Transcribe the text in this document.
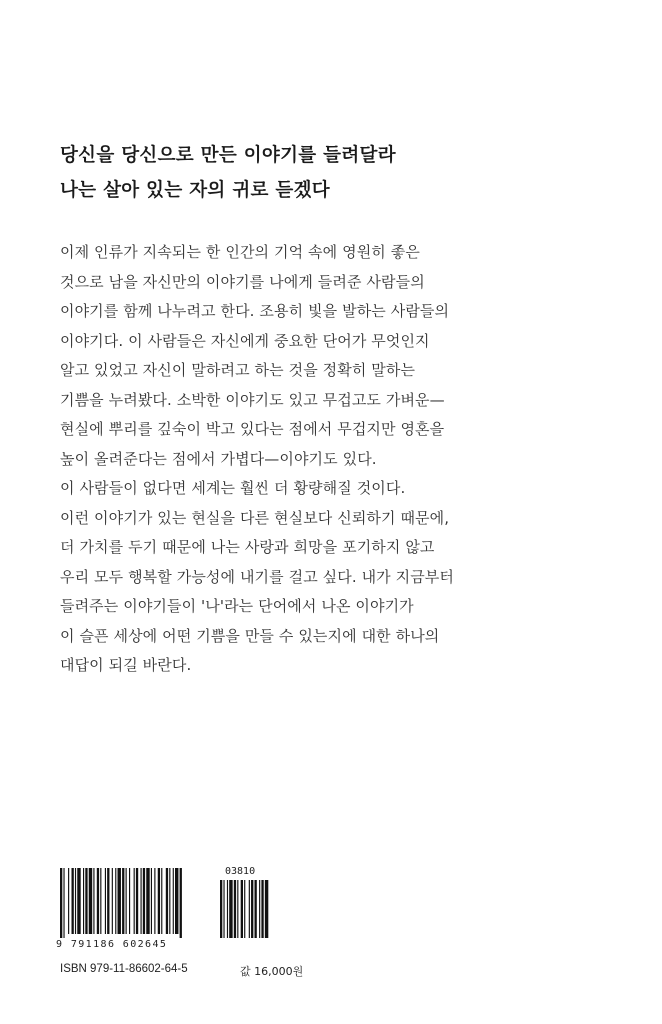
당신을 당신으로 만든 이야기를 들려달라
나는 살아 있는 자의 귀로 듣겠다
이제 인류가 지속되는 한 인간의 기억 속에 영원히 좋은
것으로 남을 자신만의 이야기를 나에게 들려준 사람들의
이야기를 함께 나누려고 한다. 조용히 빛을 발하는 사람들의
이야기다. 이 사람들은 자신에게 중요한 단어가 무엇인지
알고 있었고 자신이 말하려고 하는 것을 정확히 말하는
기쁨을 누려봤다. 소박한 이야기도 있고 무겁고도 가벼운—
현실에 뿌리를 깊숙이 박고 있다는 점에서 무겁지만 영혼을
높이 올려준다는 점에서 가볍다—이야기도 있다.
이 사람들이 없다면 세계는 훨씬 더 황량해질 것이다.
이런 이야기가 있는 현실을 다른 현실보다 신뢰하기 때문에,
더 가치를 두기 때문에 나는 사랑과 희망을 포기하지 않고
우리 모두 행복할 가능성에 내기를 걸고 싶다. 내가 지금부터
들려주는 이야기들이 '나'라는 단어에서 나온 이야기가
이 슬픈 세상에 어떤 기쁨을 만들 수 있는지에 대한 하나의
대답이 되길 바란다.
03810
9 791186 602645
ISBN 979-11-86602-64-5	값 16,000원
